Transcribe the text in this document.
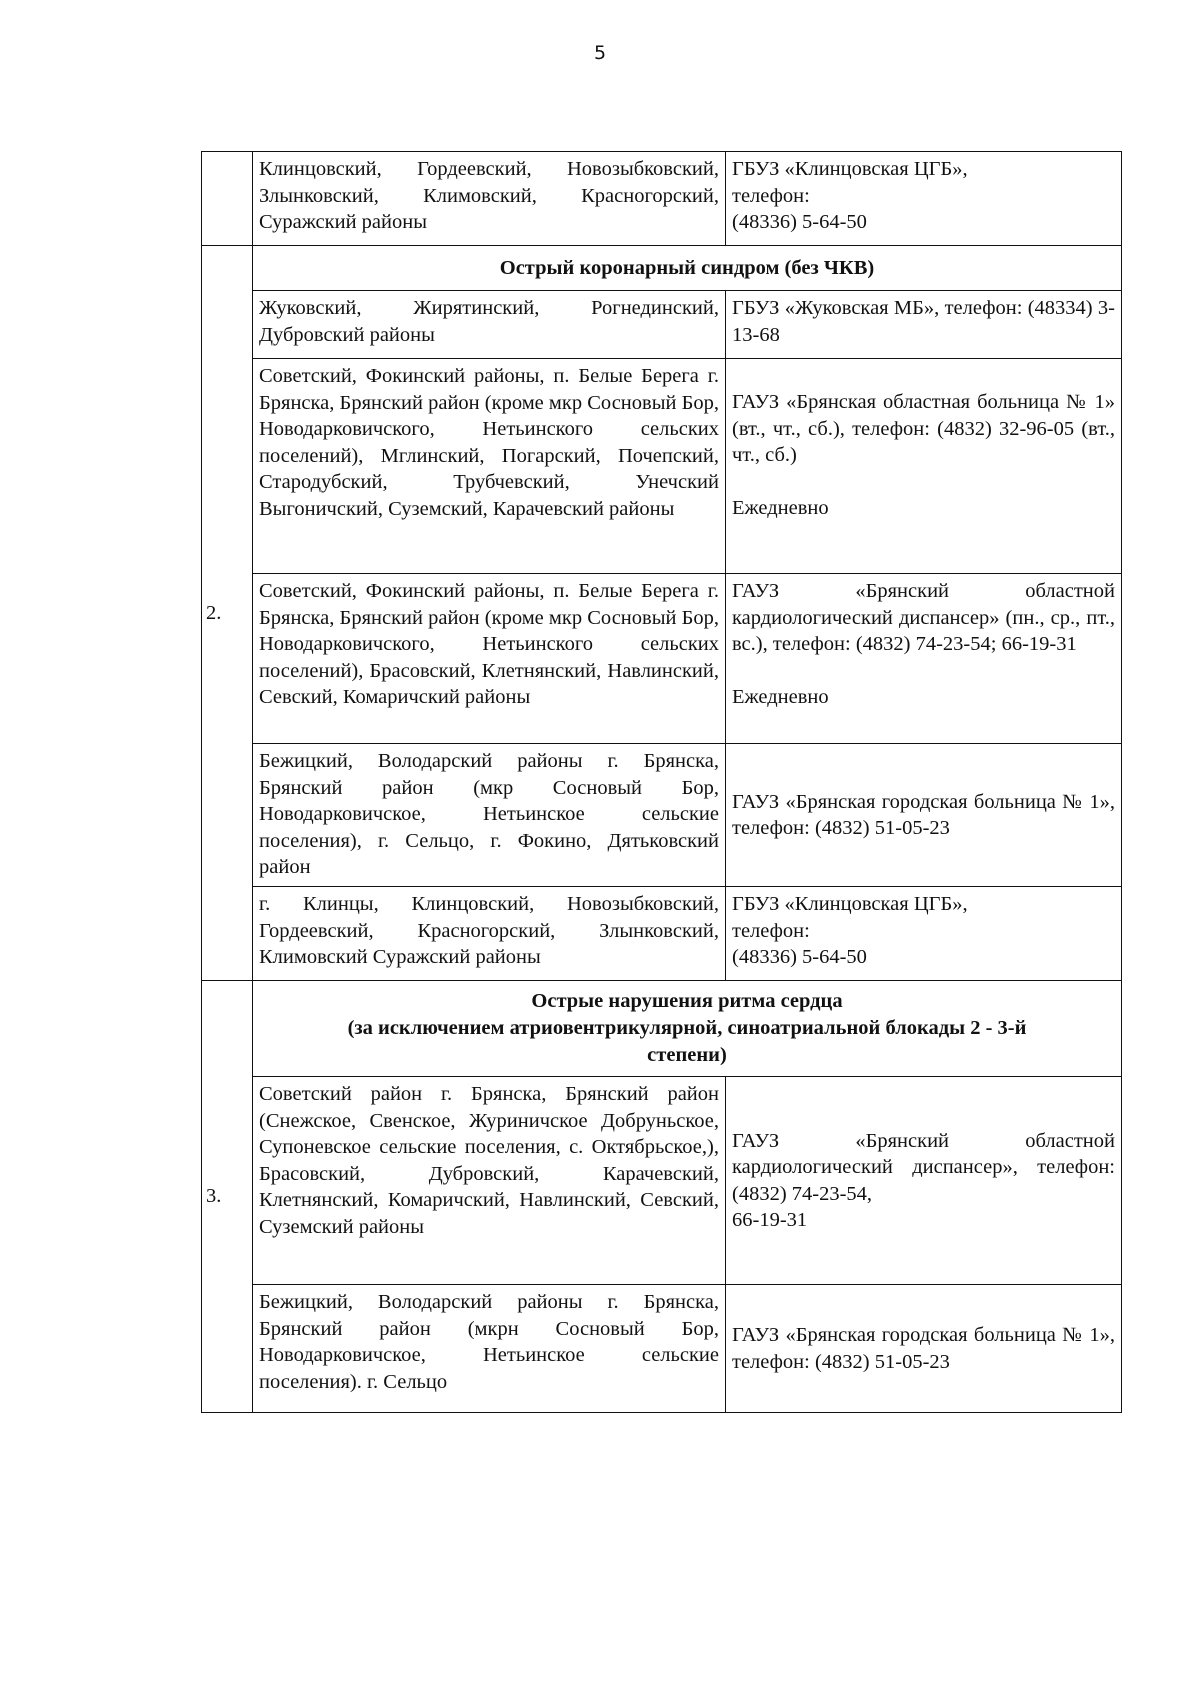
5
	Клинцовский, Гордеевский, Новозыбковский, Злынковский, Климовский, Красногорский, Суражский районы	ГБУЗ «Клинцовская ЦГБ»,
телефон:
(48336) 5-64-50

2.	Острый коронарный синдром (без ЧКВ)	
	Жуковский, Жирятинский, Рогнединский, Дубровский районы	ГБУЗ «Жуковская МБ», телефон: (48334) 3-13-68
	Советский, Фокинский районы, п. Белые Берега г. Брянска, Брянский район (кроме мкр Сосновый Бор, Новодарковичского, Нетьинского сельских поселений), Мглинский, Погарский, Почепский, Стародубский, Трубчевский, Унечский Выгоничский, Суземский, Карачевский районы	ГАУЗ «Брянская областная больница № 1» (вт., чт., сб.), телефон: (4832) 32-96-05 (вт., чт., сб.)
Ежедневно

	Советский, Фокинский районы, п. Белые Берега г. Брянска, Брянский район (кроме мкр Сосновый Бор, Новодарковичского, Нетьинского сельских поселений), Брасовский, Клетнянский, Навлинский, Севский, Комаричский районы	ГАУЗ «Брянский областной кардиологический диспансер» (пн., ср., пт., вс.), телефон: (4832) 74-23-54; 66-19-31
Ежедневно

	Бежицкий, Володарский районы г. Брянска, Брянский район (мкр Сосновый Бор, Новодарковичское, Нетьинское сельские поселения), г. Сельцо, г. Фокино, Дятьковский район	ГАУЗ «Брянская городская больница № 1», телефон: (4832) 51-05-23
	г. Клинцы, Клинцовский, Новозыбковский, Гордеевский, Красногорский, Злынковский, Климовский Суражский районы	ГБУЗ «Клинцовская ЦГБ»,
телефон:
(48336) 5-64-50

3.	Острые нарушения ритма сердца
(за исключением атриовентрикулярной, синоатриальной блокады 2 - 3-й
степени)	

	Советский район г. Брянска, Брянский район (Снежское, Свенское, Журиничское Добруньское, Супоневское сельские поселения, с. Октябрьское,), Брасовский, Дубровский, Карачевский, Клетнянский, Комаричский, Навлинский, Севский, Суземский районы	ГАУЗ «Брянский областной кардиологический диспансер», телефон: (4832) 74-23-54,
66-19-31

	Бежицкий, Володарский районы г. Брянска, Брянский район (мкрн Сосновый Бор, Новодарковичское, Нетьинское сельские поселения). г. Сельцо	ГАУЗ «Брянская городская больница № 1», телефон: (4832) 51-05-23
